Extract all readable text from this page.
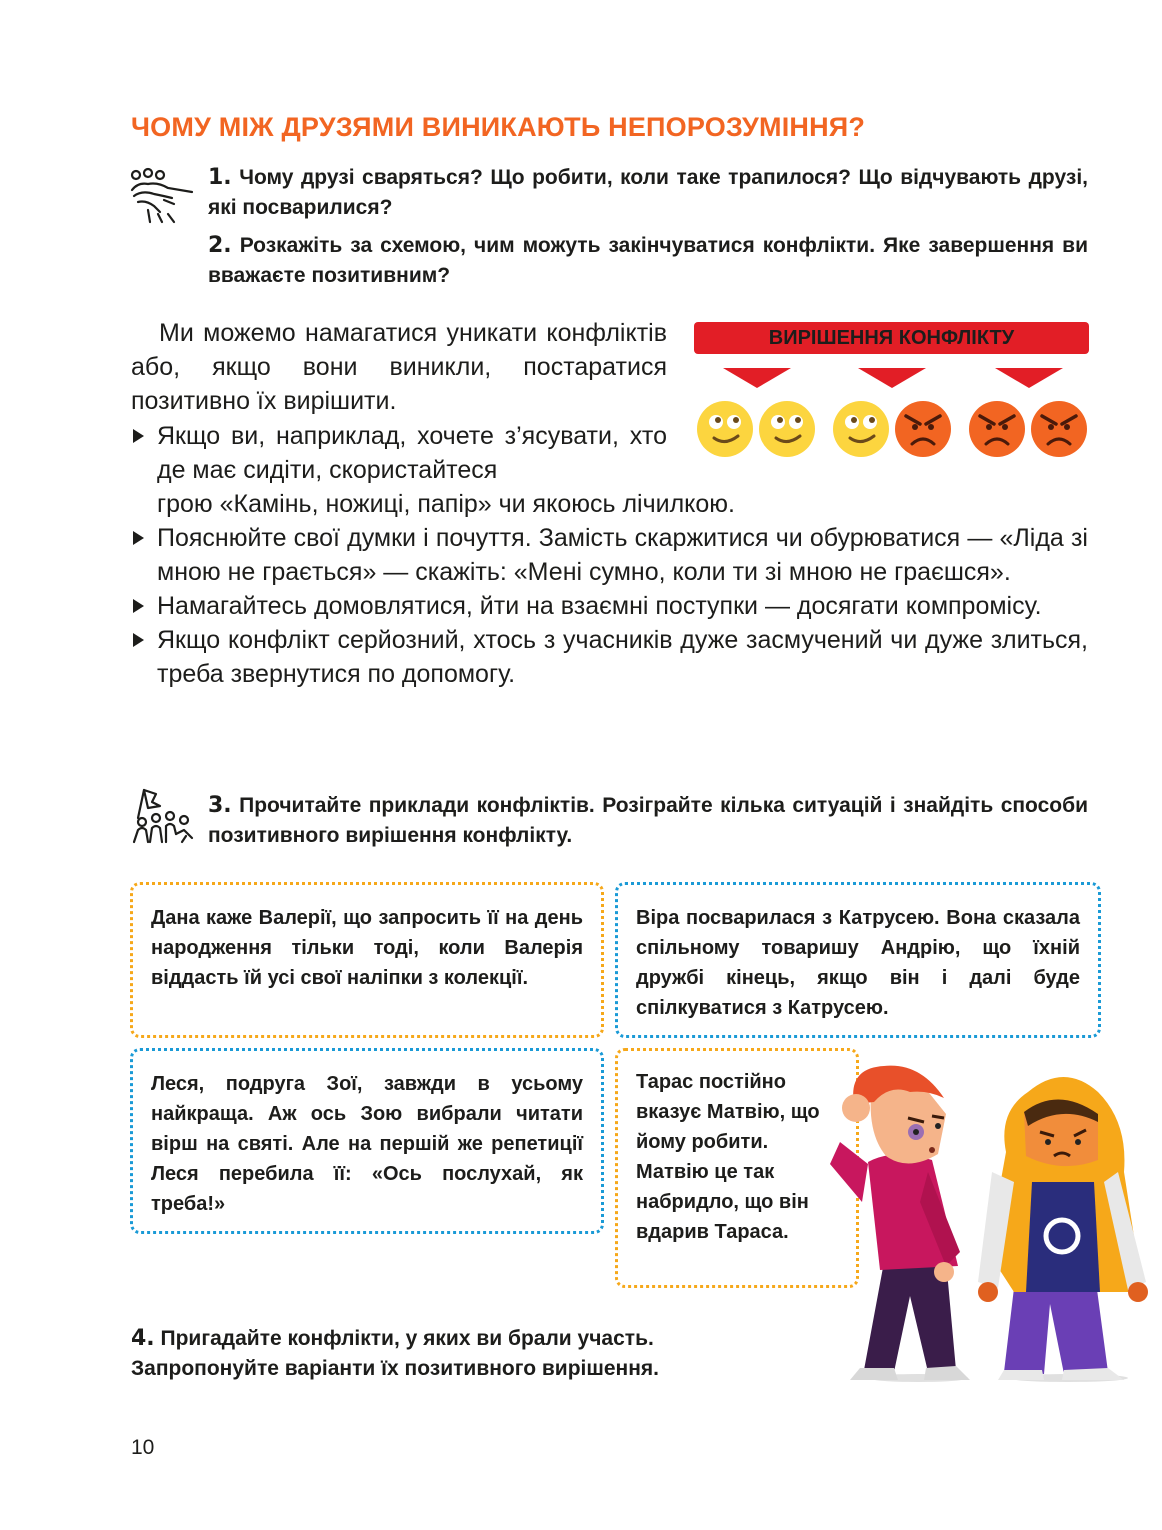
ЧОМУ МІЖ ДРУЗЯМИ ВИНИКАЮТЬ НЕПОРОЗУМІННЯ?
1. Чому друзі сваряться? Що робити, коли таке трапилося? Що відчувають друзі, які посварилися?
2. Розкажіть за схемою, чим можуть закінчуватися конфлікти. Яке завершення ви вважаєте позитивним?
ВИРІШЕННЯ КОНФЛІКТУ
Ми можемо намагатися уникати конфліктів або, якщо вони виникли, постаратися позитивно їх вирішити.
Якщо ви, наприклад, хочете з’ясувати, хто де має сидіти, скористайтеся
грою «Камінь, ножиці, папір» чи якоюсь лічилкою.
Пояснюйте свої думки і почуття. Замість скаржитися чи обурюватися — «Ліда зі мною не грається» — скажіть: «Мені сумно, коли ти зі мною не граєшся».
Намагайтесь домовлятися, йти на взаємні поступки — досягати компромісу.
Якщо конфлікт серйозний, хтось з учасників дуже засмучений чи дуже злиться, треба звернутися по допомогу.
3. Прочитайте приклади конфліктів. Розіграйте кілька ситуацій і знайдіть способи позитивного вирішення конфлікту.
Дана каже Валерії, що запросить її на день народження тільки тоді, коли Валерія віддасть їй усі свої наліпки з колекції.
Віра посварилася з Катрусею. Вона сказала спільному товаришу Андрію, що їхній дружбі кінець, якщо він і далі буде спілкуватися з Катрусею.
Леся, подруга Зої, завжди в усьому найкраща. Аж ось Зою вибрали читати вірш на святі. Але на першій же репетиції Леся перебила її: «Ось послухай, як треба!»
Тарас постійно вказує Матвію, що йому робити. Матвію це так набридло, що він вдарив Тараса.
4. Пригадайте конфлікти, у яких ви брали участь. Запропонуйте варіанти їх позитивного вирішення.
10
